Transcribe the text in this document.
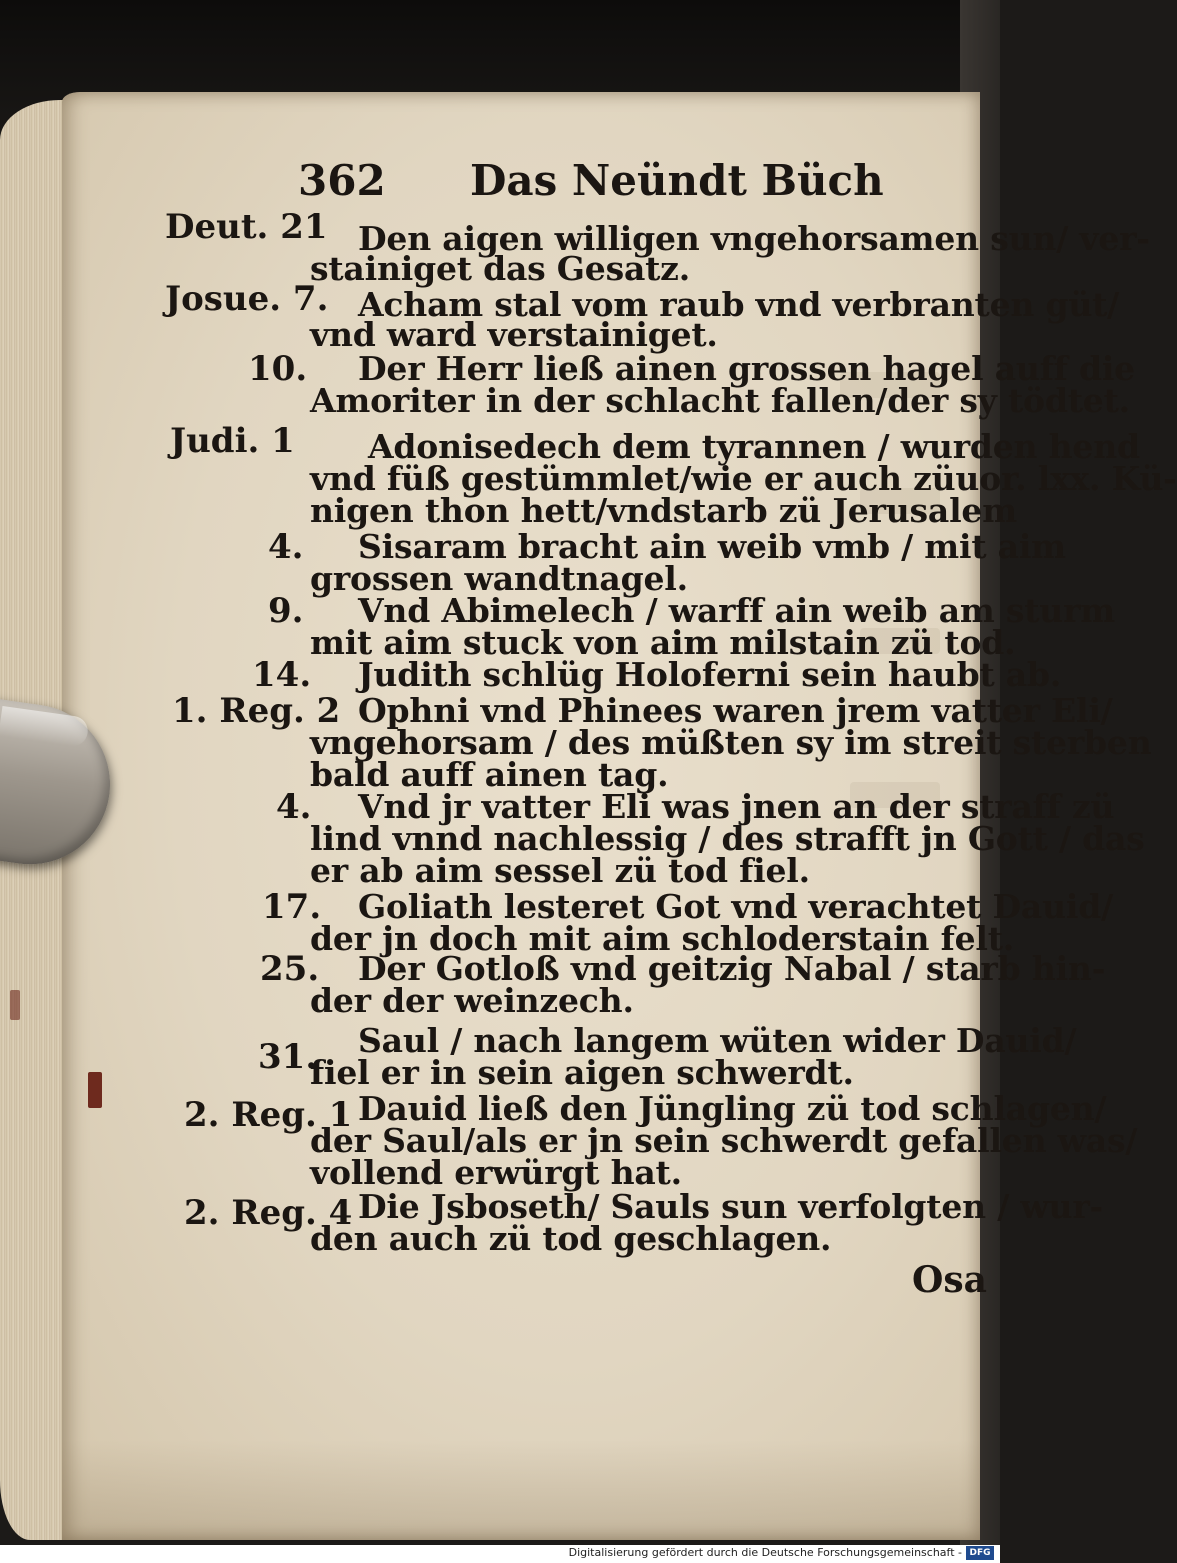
362 Das Neündt Büch
Deut. 21 Den aigen willigen vngehorsamen sun/ ver-
stainiget das Gesatz.
Josue. 7. Acham stal vom raub vnd verbranten güt/
vnd ward verstainiget.
10.	Der Herr ließ ainen grossen hagel auff die
Amoriter in der schlacht fallen/der sy tödtet.
Judi. 1	Adonisedech dem tyrannen / wurden hend
vnd füß gestümmlet/wie er auch züuor. lxx. Kü-
nigen thon hett/vndstarb zü Jerusalem
4.	Sisaram bracht ain weib vmb / mit aim
grossen wandtnagel.
9.	Vnd Abimelech / warff ain weib am sturm
mit aim stuck von aim milstain zü tod.
14.	Judith schlüg Holoferni sein haubt ab.
1. Reg. 2 Ophni vnd Phinees waren jrem vatter Eli/
vngehorsam / des müßten sy im streit sterben
bald auff ainen tag.
4.	Vnd jr vatter Eli was jnen an der straff zü
lind vnnd nachlessig / des strafft jn Gott / das
er ab aim sessel zü tod fiel.
17.	Goliath lesteret Got vnd verachtet Dauid/
der jn doch mit aim schloderstain felt.
25.	Der Gotloß vnd geitzig Nabal / starb hin-
der der weinzech.
31.	Saul / nach langem wüten wider Dauid/
fiel er in sein aigen schwerdt.
2. Reg. 1 Dauid ließ den Jüngling zü tod schlagen/
der Saul/als er jn sein schwerdt gefallen was/
vollend erwürgt hat.
2. Reg. 4 Die Jsboseth/ Sauls sun verfolgten / wur-
den auch zü tod geschlagen.
Osa
Digitalisierung gefördert durch die Deutsche Forschungsgemeinschaft - DFG
